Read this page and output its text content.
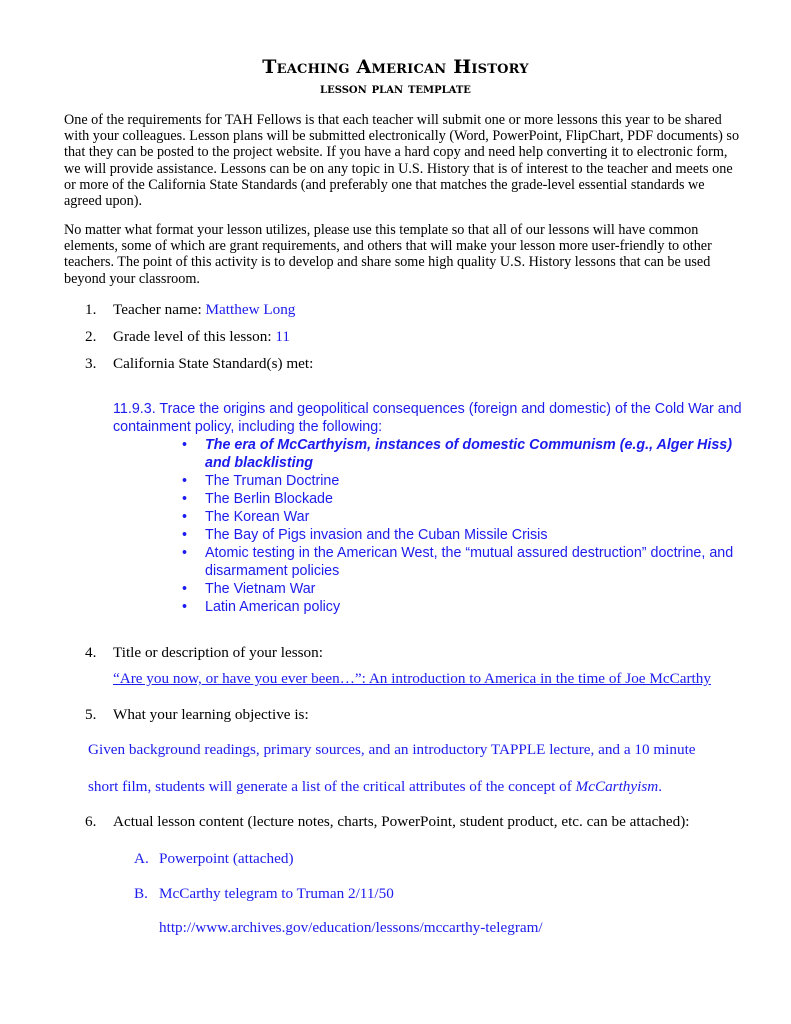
Teaching American History
lesson plan template
One of the requirements for TAH Fellows is that each teacher will submit one or more lessons this year to be shared with your colleagues. Lesson plans will be submitted electronically (Word, PowerPoint, FlipChart, PDF documents) so that they can be posted to the project website. If you have a hard copy and need help converting it to electronic form, we will provide assistance. Lessons can be on any topic in U.S. History that is of interest to the teacher and meets one or more of the California State Standards (and preferably one that matches the grade-level essential standards we agreed upon).
No matter what format your lesson utilizes, please use this template so that all of our lessons will have common elements, some of which are grant requirements, and others that will make your lesson more user-friendly to other teachers. The point of this activity is to develop and share some high quality U.S. History lessons that can be used beyond your classroom.
1. Teacher name: Matthew Long
2. Grade level of this lesson: 11
3. California State Standard(s) met:
11.9.3. Trace the origins and geopolitical consequences (foreign and domestic) of the Cold War and containment policy, including the following:
• The era of McCarthyism, instances of domestic Communism (e.g., Alger Hiss) and blacklisting
• The Truman Doctrine
• The Berlin Blockade
• The Korean War
• The Bay of Pigs invasion and the Cuban Missile Crisis
• Atomic testing in the American West, the “mutual assured destruction” doctrine, and disarmament policies
• The Vietnam War
• Latin American policy
4. Title or description of your lesson:
“Are you now, or have you ever been…”: An introduction to America in the time of Joe McCarthy
5. What your learning objective is:
Given background readings, primary sources, and an introductory TAPPLE lecture, and a 10 minute
short film, students will generate a list of the critical attributes of the concept of McCarthyism.
6. Actual lesson content (lecture notes, charts, PowerPoint, student product, etc. can be attached):
A. Powerpoint (attached)
B. McCarthy telegram to Truman 2/11/50
http://www.archives.gov/education/lessons/mccarthy-telegram/
